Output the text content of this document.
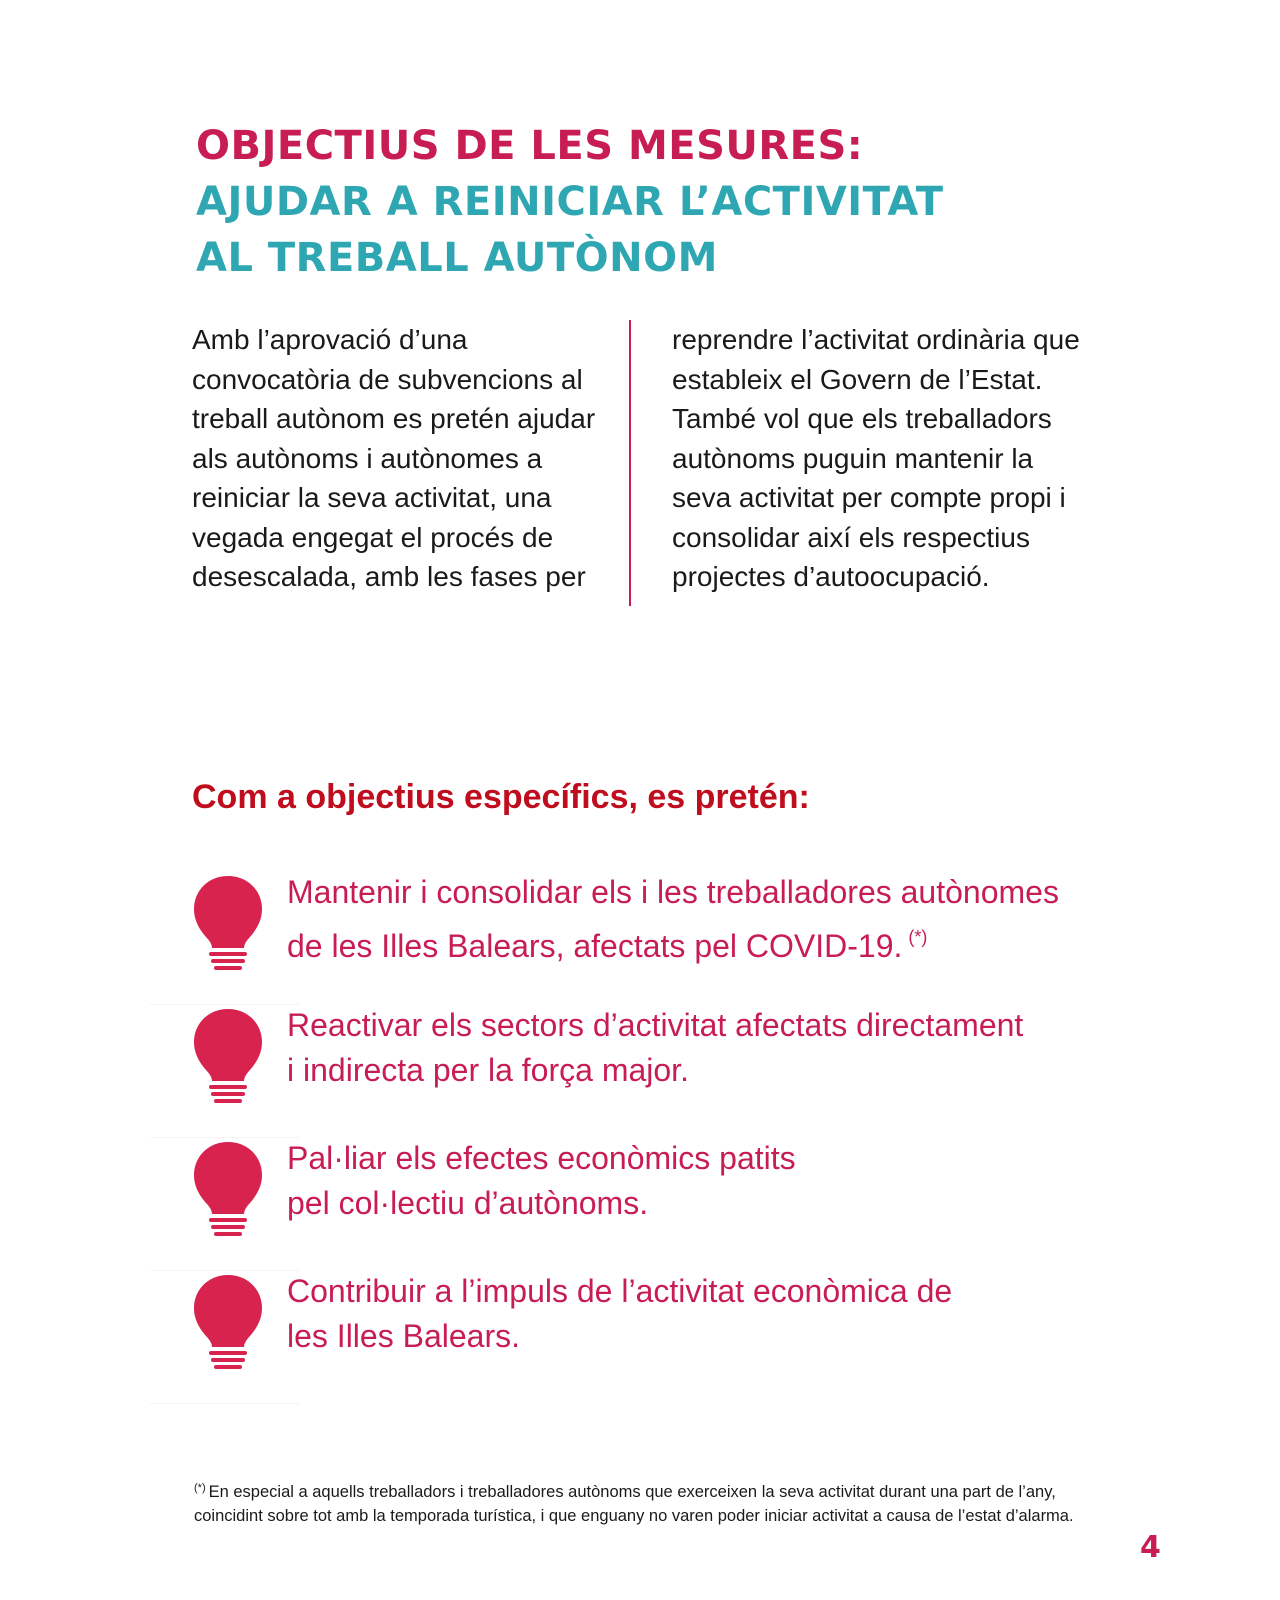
OBJECTIUS DE LES MESURES:
AJUDAR A REINICIAR L’ACTIVITAT
AL TREBALL AUTÒNOM
Amb l’aprovació d’una
convocatòria de subvencions al
treball autònom es pretén ajudar
als autònoms i autònomes a
reiniciar la seva activitat, una
vegada engegat el procés de
desescalada, amb les fases per
reprendre l’activitat ordinària que
estableix el Govern de l’Estat.
També vol que els treballadors
autònoms puguin mantenir la
seva activitat per compte propi i
consolidar així els respectius
projectes d’autoocupació.
Com a objectius específics, es pretén:
Mantenir i consolidar els i les treballadores autònomes
de les Illes Balears, afectats pel COVID-19. (*)
Reactivar els sectors d’activitat afectats directament
i indirecta per la força major.
Pal·liar els efectes econòmics patits
pel col·lectiu d’autònoms.
Contribuir a l’impuls de l’activitat econòmica de
les Illes Balears.
(*) En especial a aquells treballadors i treballadores autònoms que exerceixen la seva activitat durant una part de l’any, coincidint sobre tot amb la temporada turística, i que enguany no varen poder iniciar activitat a causa de l’estat d’alarma.
4
